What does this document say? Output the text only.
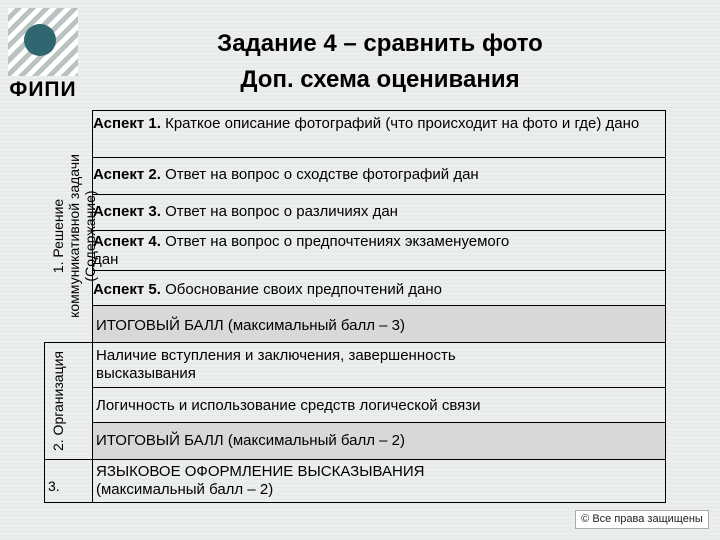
ФИПИ
Задание 4 – сравнить фото
Доп. схема оценивания
1. Решение коммуникативной задачи (Содержание)
2. Организация
3.
Аспект 1. Краткое описание фотографий (что происходит на фото и где) дано
Аспект 2. Ответ на вопрос о сходстве фотографий дан
Аспект 3. Ответ на вопрос о различиях дан
Аспект 4. Ответ на вопрос о предпочтениях экзаменуемого дан
Аспект 5. Обоснование своих предпочтений дано
ИТОГОВЫЙ БАЛЛ (максимальный балл – 3)
Наличие вступления и заключения, завершенность высказывания
Логичность и использование средств логической связи
ИТОГОВЫЙ БАЛЛ (максимальный балл – 2)
ЯЗЫКОВОЕ ОФОРМЛЕНИЕ ВЫСКАЗЫВАНИЯ (максимальный балл – 2)
© Все права защищены
